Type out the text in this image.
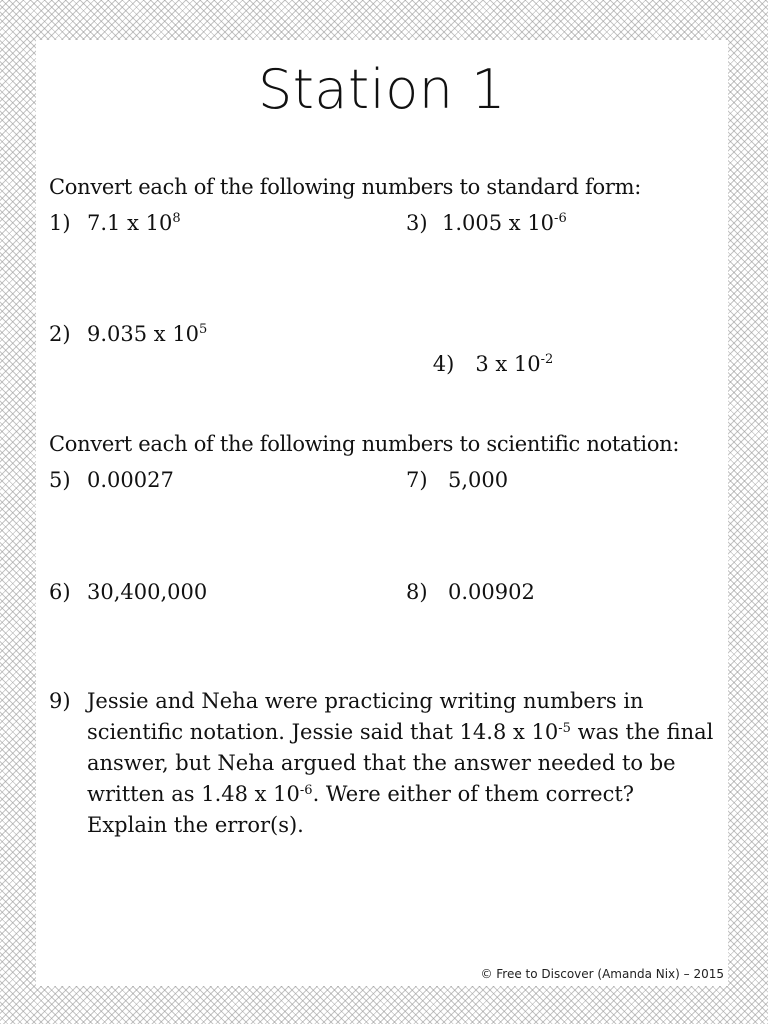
Station 1
Convert each of the following numbers to standard form:
1) 7.1 x $10^8$
2) 9.035 x $10^5$
3) 1.005 x $10^{-6}$

4) 3 x $10^{-2}$

Convert each of the following numbers to scientific notation:
5) 0.00027
6) 30,400,000
7) 5,000
8) 0.00902
9) Jessie and Neha were practicing writing numbers in scientific notation. Jessie said that 14.8 x $10^{-5}$ was the final answer, but Neha argued that the answer needed to be written as 1.48 x $10^{-6}$. Were either of them correct? Explain the error(s).
© Free to Discover (Amanda Nix) – 2015
